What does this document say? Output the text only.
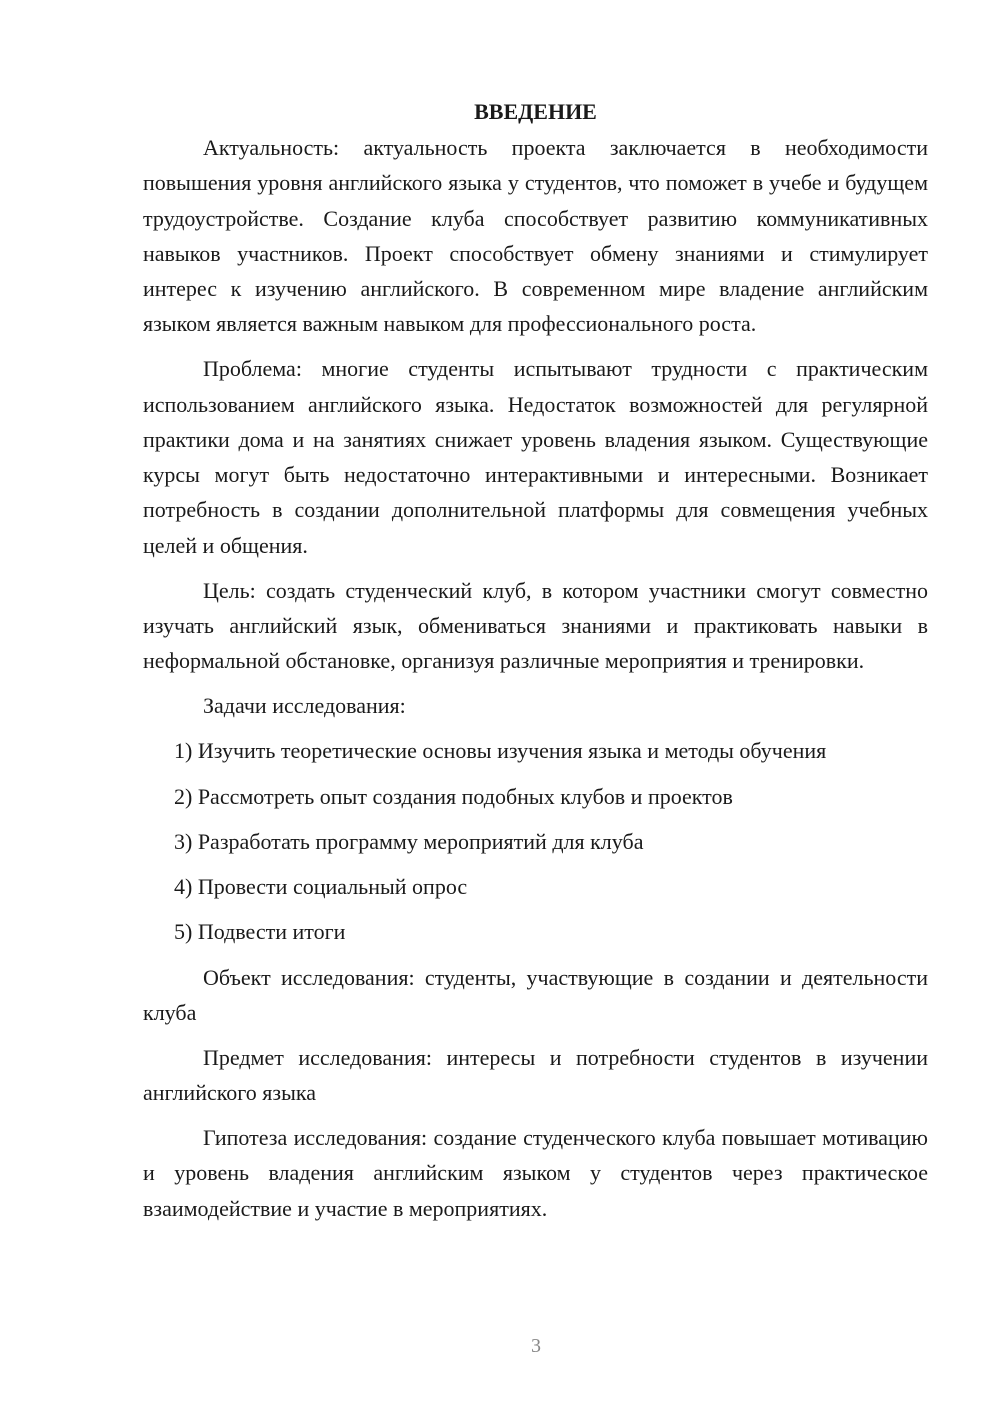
ВВЕДЕНИЕ

Актуальность: актуальность проекта заключается в необходимости повышения уровня английского языка у студентов, что поможет в учебе и будущем трудоустройстве. Создание клуба способствует развитию коммуникативных навыков участников. Проект способствует обмену знаниями и стимулирует интерес к изучению английского. В современном мире владение английским языком является важным навыком для профессионального роста.

Проблема: многие студенты испытывают трудности с практическим использованием английского языка. Недостаток возможностей для регулярной практики дома и на занятиях снижает уровень владения языком. Существующие курсы могут быть недостаточно интерактивными и интересными. Возникает потребность в создании дополнительной платформы для совмещения учебных целей и общения.

Цель: создать студенческий клуб, в котором участники смогут совместно изучать английский язык, обмениваться знаниями и практиковать навыки в неформальной обстановке, организуя различные мероприятия и тренировки.

Задачи исследования:

1) Изучить теоретические основы изучения языка и методы обучения

2) Рассмотреть опыт создания подобных клубов и проектов

3) Разработать программу мероприятий для клуба

4) Провести социальный опрос

5) Подвести итоги

Объект исследования: студенты, участвующие в создании и деятельности клуба

Предмет исследования: интересы и потребности студентов в изучении английского языка

Гипотеза исследования: создание студенческого клуба повышает мотивацию и уровень владения английским языком у студентов через практическое взаимодействие и участие в мероприятиях.

3
